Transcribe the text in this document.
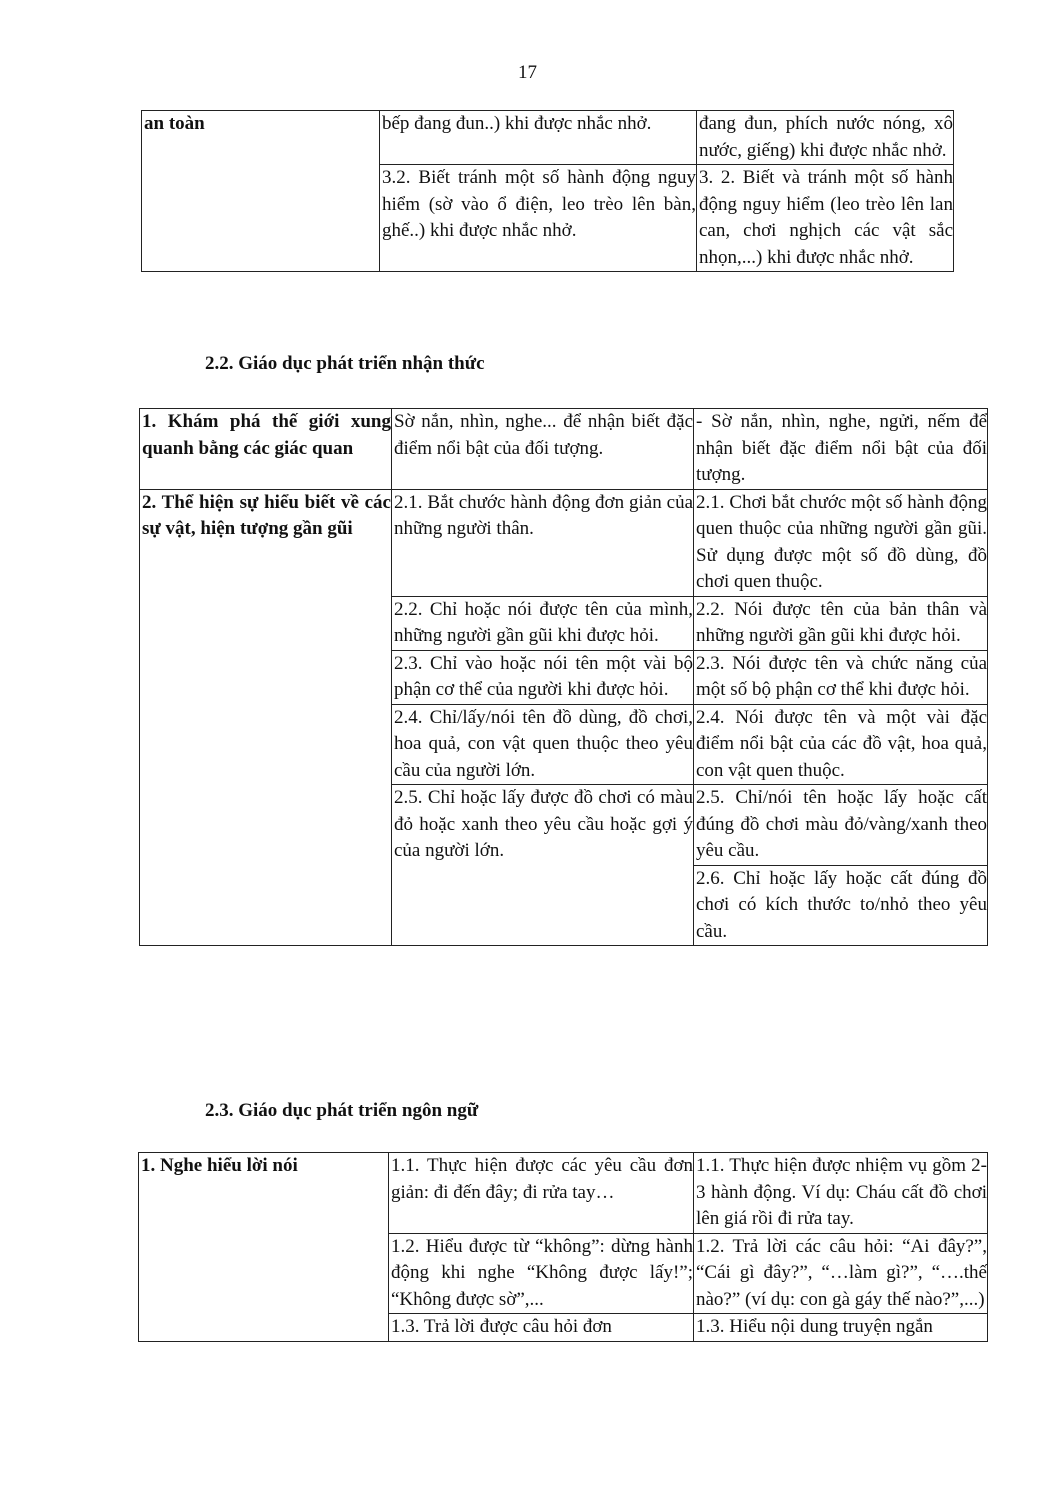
17
an toàn	bếp đang đun..) khi được nhắc nhở.	đang đun, phích nước nóng, xô nước, giếng) khi được nhắc nhở.
	3.2. Biết tránh một số hành động nguy hiểm (sờ vào ổ điện, leo trèo lên bàn, ghế..) khi được nhắc nhở.	3. 2. Biết và tránh một số hành động nguy hiểm (leo trèo lên lan can, chơi nghịch các vật sắc nhọn,...) khi được nhắc nhở.
2.2. Giáo dục phát triển nhận thức
1. Khám phá thế giới xung quanh bằng các giác quan	Sờ nắn, nhìn, nghe... để nhận biết đặc điểm nổi bật của đối tượng.	- Sờ nắn, nhìn, nghe, ngửi, nếm để nhận biết đặc điểm nổi bật của đối tượng.
2. Thể hiện sự hiểu biết về các sự vật, hiện tượng gần gũi	2.1. Bắt chước hành động đơn giản của những người thân.	2.1. Chơi bắt chước một số hành động quen thuộc của những người gần gũi. Sử dụng được một số đồ dùng, đồ chơi quen thuộc.
	2.2. Chỉ hoặc nói được tên của mình, những người gần gũi khi được hỏi.	2.2. Nói được tên của bản thân và những người gần gũi khi được hỏi.
	2.3. Chỉ vào hoặc nói tên một vài bộ phận cơ thể của người khi được hỏi.	2.3. Nói được tên và chức năng của một số bộ phận cơ thể khi được hỏi.
	2.4. Chỉ/lấy/nói tên đồ dùng, đồ chơi, hoa quả, con vật quen thuộc theo yêu cầu của người lớn.	2.4. Nói được tên và một vài đặc điểm nổi bật của các đồ vật, hoa quả, con vật quen thuộc.
	2.5. Chỉ hoặc lấy được đồ chơi có màu đỏ hoặc xanh theo yêu cầu hoặc gợi ý của người lớn.	2.5. Chỉ/nói tên hoặc lấy hoặc cất đúng đồ chơi màu đỏ/vàng/xanh theo yêu cầu.
		2.6. Chỉ hoặc lấy hoặc cất đúng đồ chơi có kích thước to/nhỏ theo yêu cầu.
2.3. Giáo dục phát triển ngôn ngữ
1. Nghe hiểu lời nói	1.1. Thực hiện được các yêu cầu đơn giản: đi đến đây; đi rửa tay…	1.1. Thực hiện được nhiệm vụ gồm 2-3 hành động. Ví dụ: Cháu cất đồ chơi lên giá rồi đi rửa tay.
	1.2. Hiểu được từ “không”: dừng hành động khi nghe “Không được lấy!”; “Không được sờ”,...	1.2. Trả lời các câu hỏi: “Ai đây?”, “Cái gì đây?”, “…làm gì?”, “….thế nào?” (ví dụ: con gà gáy thế nào?”,...)
	1.3. Trả lời được câu hỏi đơn	1.3. Hiểu nội dung truyện ngắn
